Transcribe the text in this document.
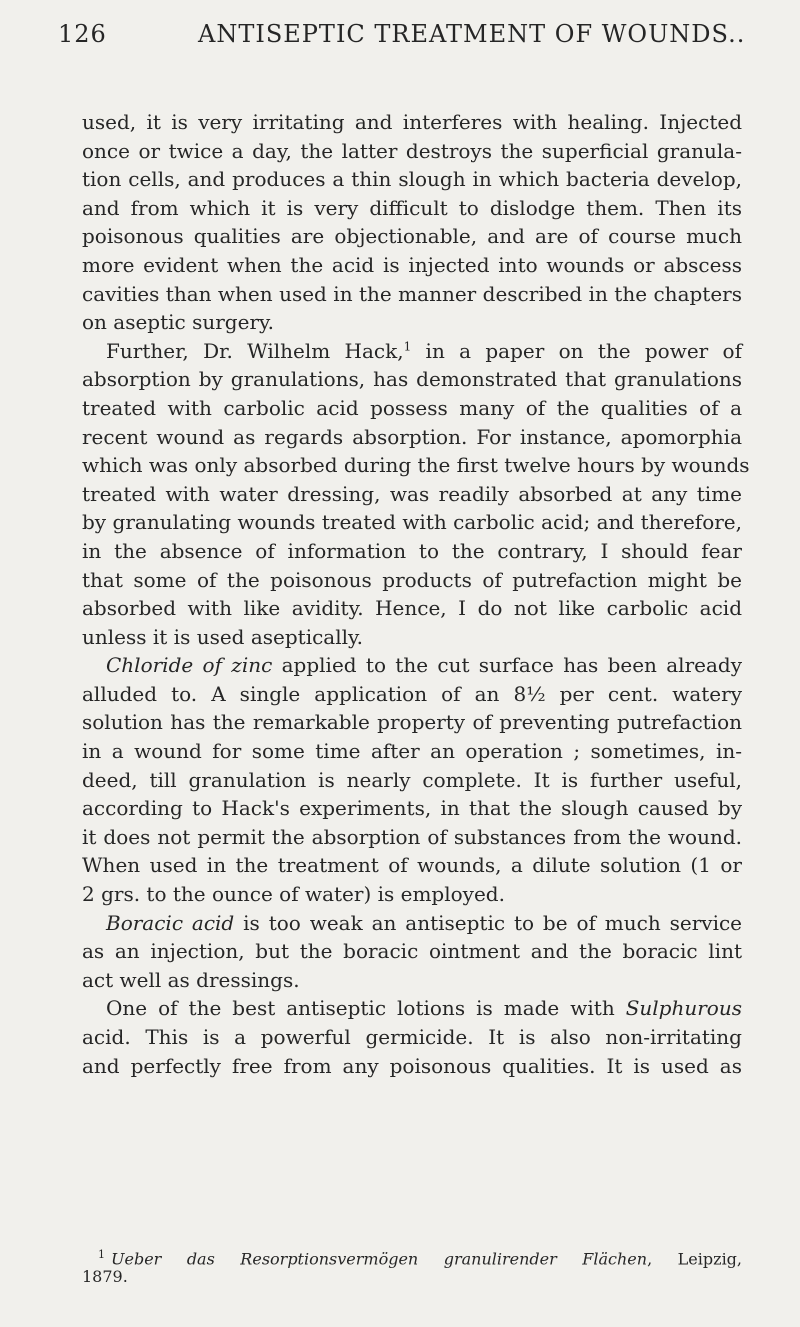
126	ANTISEPTIC TREATMENT OF WOUNDS..
used, it is very irritating and interferes with healing. Injected
once or twice a day, the latter destroys the superficial granula-
tion cells, and produces a thin slough in which bacteria develop,
and from which it is very difficult to dislodge them. Then its
poisonous qualities are objectionable, and are of course much
more evident when the acid is injected into wounds or abscess
cavities than when used in the manner described in the chapters
on aseptic surgery.
Further, Dr. Wilhelm Hack,$^1$ in a paper on the power of
absorption by granulations, has demonstrated that granulations
treated with carbolic acid possess many of the qualities of a
recent wound as regards absorption. For instance, apomorphia
which was only absorbed during the first twelve hours by wounds
treated with water dressing, was readily absorbed at any time
by granulating wounds treated with carbolic acid; and therefore,
in the absence of information to the contrary, I should fear
that some of the poisonous products of putrefaction might be
absorbed with like avidity. Hence, I do not like carbolic acid
unless it is used aseptically.
Chloride of zinc applied to the cut surface has been already
alluded to. A single application of an 8½ per cent. watery
solution has the remarkable property of preventing putrefaction
in a wound for some time after an operation ; sometimes, in-
deed, till granulation is nearly complete. It is further useful,
according to Hack's experiments, in that the slough caused by
it does not permit the absorption of substances from the wound.
When used in the treatment of wounds, a dilute solution (1 or
2 grs. to the ounce of water) is employed.
Boracic acid is too weak an antiseptic to be of much service
as an injection, but the boracic ointment and the boracic lint
act well as dressings.
One of the best antiseptic lotions is made with Sulphurous
acid. This is a powerful germicide. It is also non-irritating
and perfectly free from any poisonous qualities. It is used as
$^1$ Ueber das Resorptionsvermögen granulirender Flächen, Leipzig,
1879.
